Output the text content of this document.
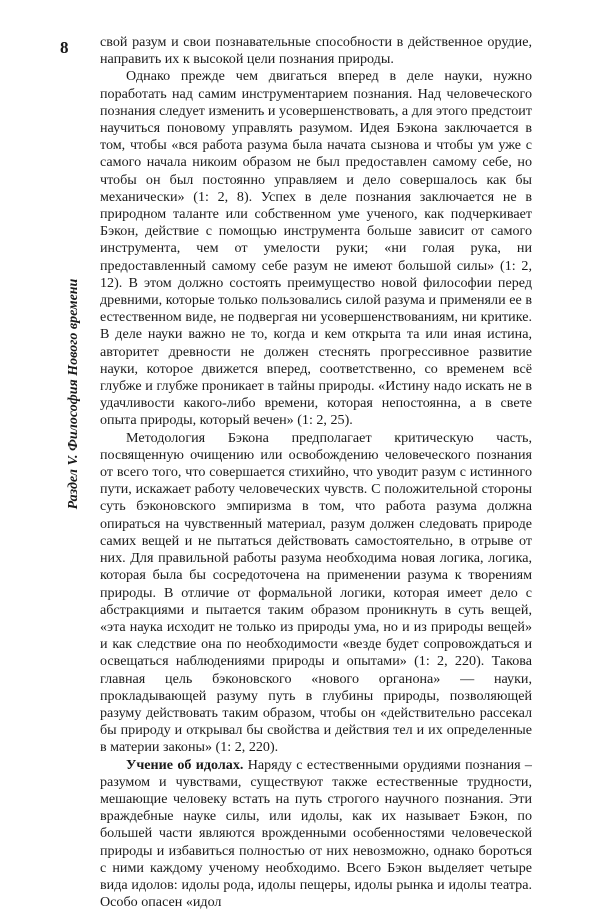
8
Раздел V. Философия Нового времени

свой разум и свои познавательные способности в действенное орудие, направить их к высокой цели познания природы.

Однако прежде чем двигаться вперед в деле науки, нужно поработать над самим инструментарием познания. Над человеческого познания следует изменить и усовершенствовать, а для этого предстоит научиться поновому управлять разумом. Идея Бэкона заключается в том, чтобы «вся работа разума была начата сызнова и чтобы ум уже с самого начала никоим образом не был предоставлен самому себе, но чтобы он был постоянно управляем и дело совершалось как бы механически» (1: 2, 8). Успех в деле познания заключается не в природном таланте или собственном уме ученого, как подчеркивает Бэкон, действие с помощью инструмента больше зависит от самого инструмента, чем от умелости руки; «ни голая рука, ни предоставленный самому себе разум не имеют большой силы» (1: 2, 12). В этом должно состоять преимущество новой философии перед древними, которые только пользовались силой разума и применяли ее в естественном виде, не подвергая ни усовершенствованиям, ни критике. В деле науки важно не то, когда и кем открыта та или иная истина, авторитет древности не должен стеснять прогрессивное развитие науки, которое движется вперед, соответственно, со временем всё глубже и глубже проникает в тайны природы. «Истину надо искать не в удачливости какого-либо времени, которая непостоянна, а в свете опыта природы, который вечен» (1: 2, 25).

Методология Бэкона предполагает критическую часть, посвященную очищению или освобождению человеческого познания от всего того, что совершается стихийно, что уводит разум с истинного пути, искажает работу человеческих чувств. С положительной стороны суть бэконовского эмпиризма в том, что работа разума должна опираться на чувственный материал, разум должен следовать природе самих вещей и не пытаться действовать самостоятельно, в отрыве от них. Для правильной работы разума необходима новая логика, логика, которая была бы сосредоточена на применении разума к творениям природы. В отличие от формальной логики, которая имеет дело с абстракциями и пытается таким образом проникнуть в суть вещей, «эта наука исходит не только из природы ума, но и из природы вещей» и как следствие она по необходимости «везде будет сопровождаться и освещаться наблюдениями природы и опытами» (1: 2, 220). Такова главная цель бэконовского «нового органона» — науки, прокладывающей разуму путь в глубины природы, позволяющей разуму действовать таким образом, чтобы он «действительно рассекал бы природу и открывал бы свойства и действия тел и их определенные в материи законы» (1: 2, 220).

Учение об идолах. Наряду с естественными орудиями познания – разумом и чувствами, существуют также естественные трудности, мешающие человеку встать на путь строгого научного познания. Эти враждебные науке силы, или идолы, как их называет Бэкон, по большей части являются врожденными особенностями человеческой природы и избавиться полностью от них невозможно, однако бороться с ними каждому ученому необходимо. Всего Бэкон выделяет четыре вида идолов: идолы рода, идолы пещеры, идолы рынка и идолы театра. Особо опасен «идол
